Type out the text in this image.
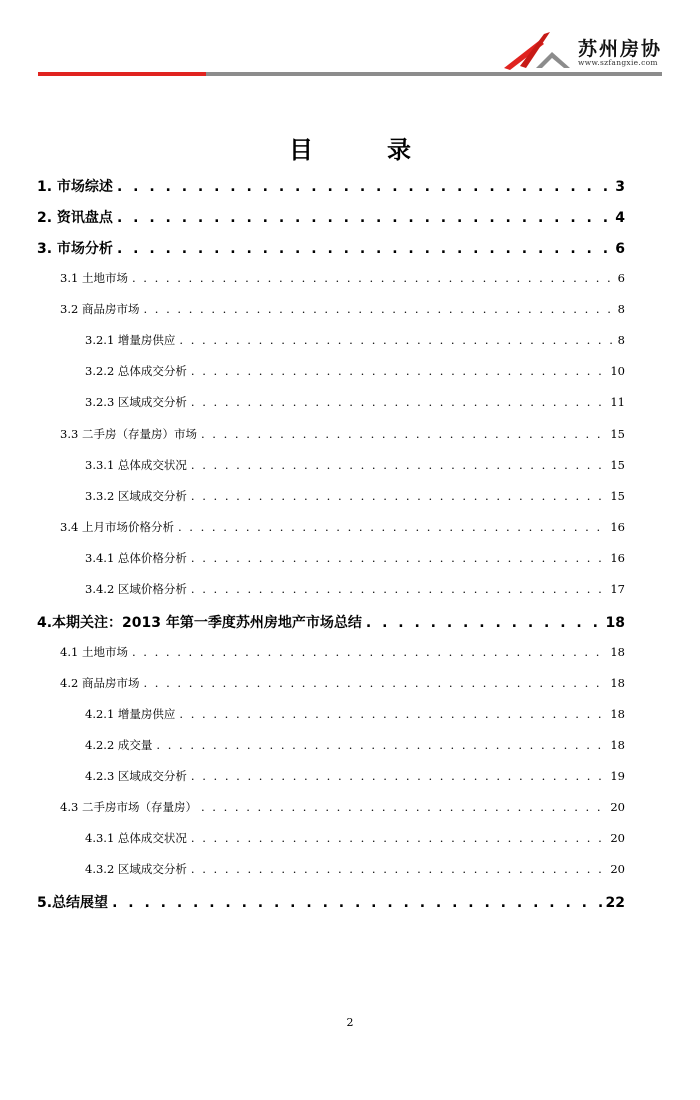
苏州房协
www.szfangxie.com
目	录
1. 市场综述 . . .	3
2. 资讯盘点 . . .	4
3. 市场分析 . . .	6
3.1 土地市场 . . .	6
3.2 商品房市场 . . .	8
3.2.1 增量房供应 . . .	8
3.2.2 总体成交分析 . . .	10
3.2.3 区域成交分析 . . .	11
3.3 二手房（存量房）市场 . . .	15
3.3.1 总体成交状况 . . .	15
3.3.2 区域成交分析 . . .	15
3.4 上月市场价格分析 . . .	16
3.4.1 总体价格分析 . . .	16
3.4.2 区域价格分析 . . .	17
4.本期关注：2013 年第一季度苏州房地产市场总结 . . .	18
4.1 土地市场 . . .	18
4.2 商品房市场 . . .	18
4.2.1 增量房供应 . . .	18
4.2.2 成交量 . . .	18
4.2.3 区域成交分析 . . .	19
4.3 二手房市场（存量房） . . .	20
4.3.1 总体成交状况 . . .	20
4.3.2 区域成交分析 . . .	20
5.总结展望 . . .	22
2
